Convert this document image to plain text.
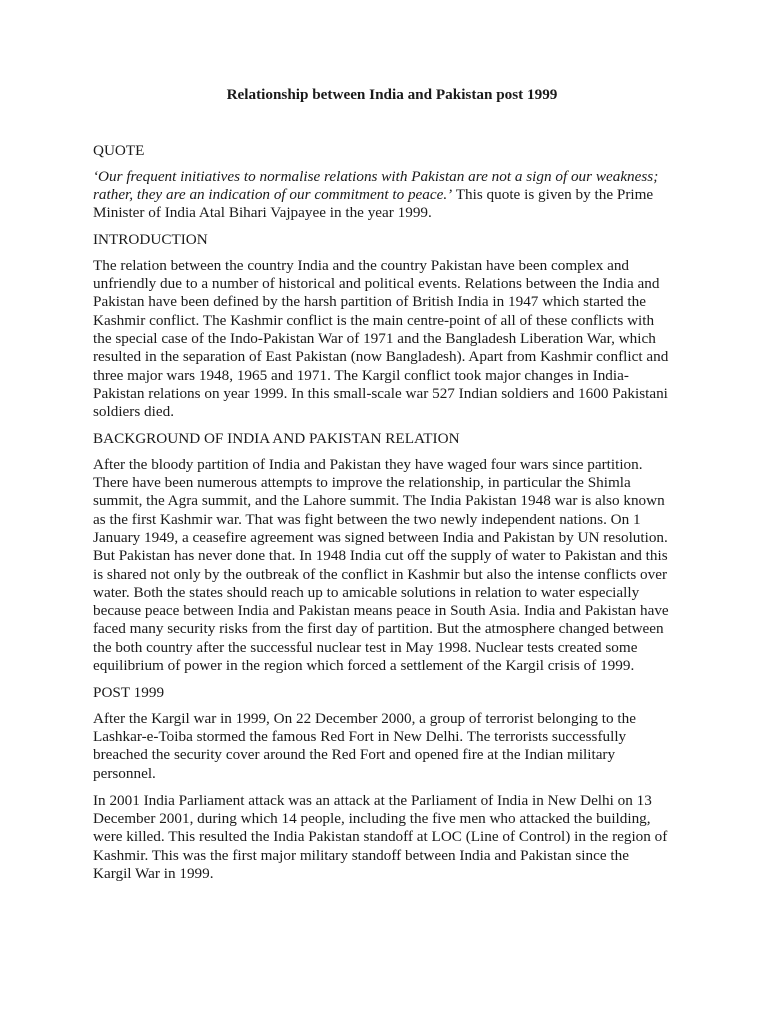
Relationship between India and Pakistan post 1999
QUOTE
‘Our frequent initiatives to normalise relations with Pakistan are not a sign of our weakness; rather, they are an indication of our commitment to peace.’ This quote is given by the Prime Minister of India Atal Bihari Vajpayee in the year 1999.
INTRODUCTION
The relation between the country India and the country Pakistan have been complex and unfriendly due to a number of historical and political events. Relations between the India and Pakistan have been defined by the harsh partition of British India in 1947 which started the Kashmir conflict. The Kashmir conflict is the main centre-point of all of these conflicts with the special case of the Indo-Pakistan War of 1971 and the Bangladesh Liberation War, which resulted in the separation of East Pakistan (now Bangladesh). Apart from Kashmir conflict and three major wars 1948, 1965 and 1971. The Kargil conflict took major changes in India-Pakistan relations on year 1999. In this small-scale war 527 Indian soldiers and 1600 Pakistani soldiers died.
BACKGROUND OF INDIA AND PAKISTAN RELATION
After the bloody partition of India and Pakistan they have waged four wars since partition. There have been numerous attempts to improve the relationship, in particular the Shimla summit, the Agra summit, and the Lahore summit. The India Pakistan 1948 war is also known as the first Kashmir war. That was fight between the two newly independent nations. On 1 January 1949, a ceasefire agreement was signed between India and Pakistan by UN resolution. But Pakistan has never done that. In 1948 India cut off the supply of water to Pakistan and this is shared not only by the outbreak of the conflict in Kashmir but also the intense conflicts over water. Both the states should reach up to amicable solutions in relation to water especially because peace between India and Pakistan means peace in South Asia. India and Pakistan have faced many security risks from the first day of partition. But the atmosphere changed between the both country after the successful nuclear test in May 1998. Nuclear tests created some equilibrium of power in the region which forced a settlement of the Kargil crisis of 1999.
POST 1999
After the Kargil war in 1999, On 22 December 2000, a group of terrorist belonging to the Lashkar-e-Toiba stormed the famous Red Fort in New Delhi. The terrorists successfully breached the security cover around the Red Fort and opened fire at the Indian military personnel.
In 2001 India Parliament attack was an attack at the Parliament of India in New Delhi on 13 December 2001, during which 14 people, including the five men who attacked the building, were killed. This resulted the India Pakistan standoff at LOC (Line of Control) in the region of Kashmir. This was the first major military standoff between India and Pakistan since the Kargil War in 1999.
